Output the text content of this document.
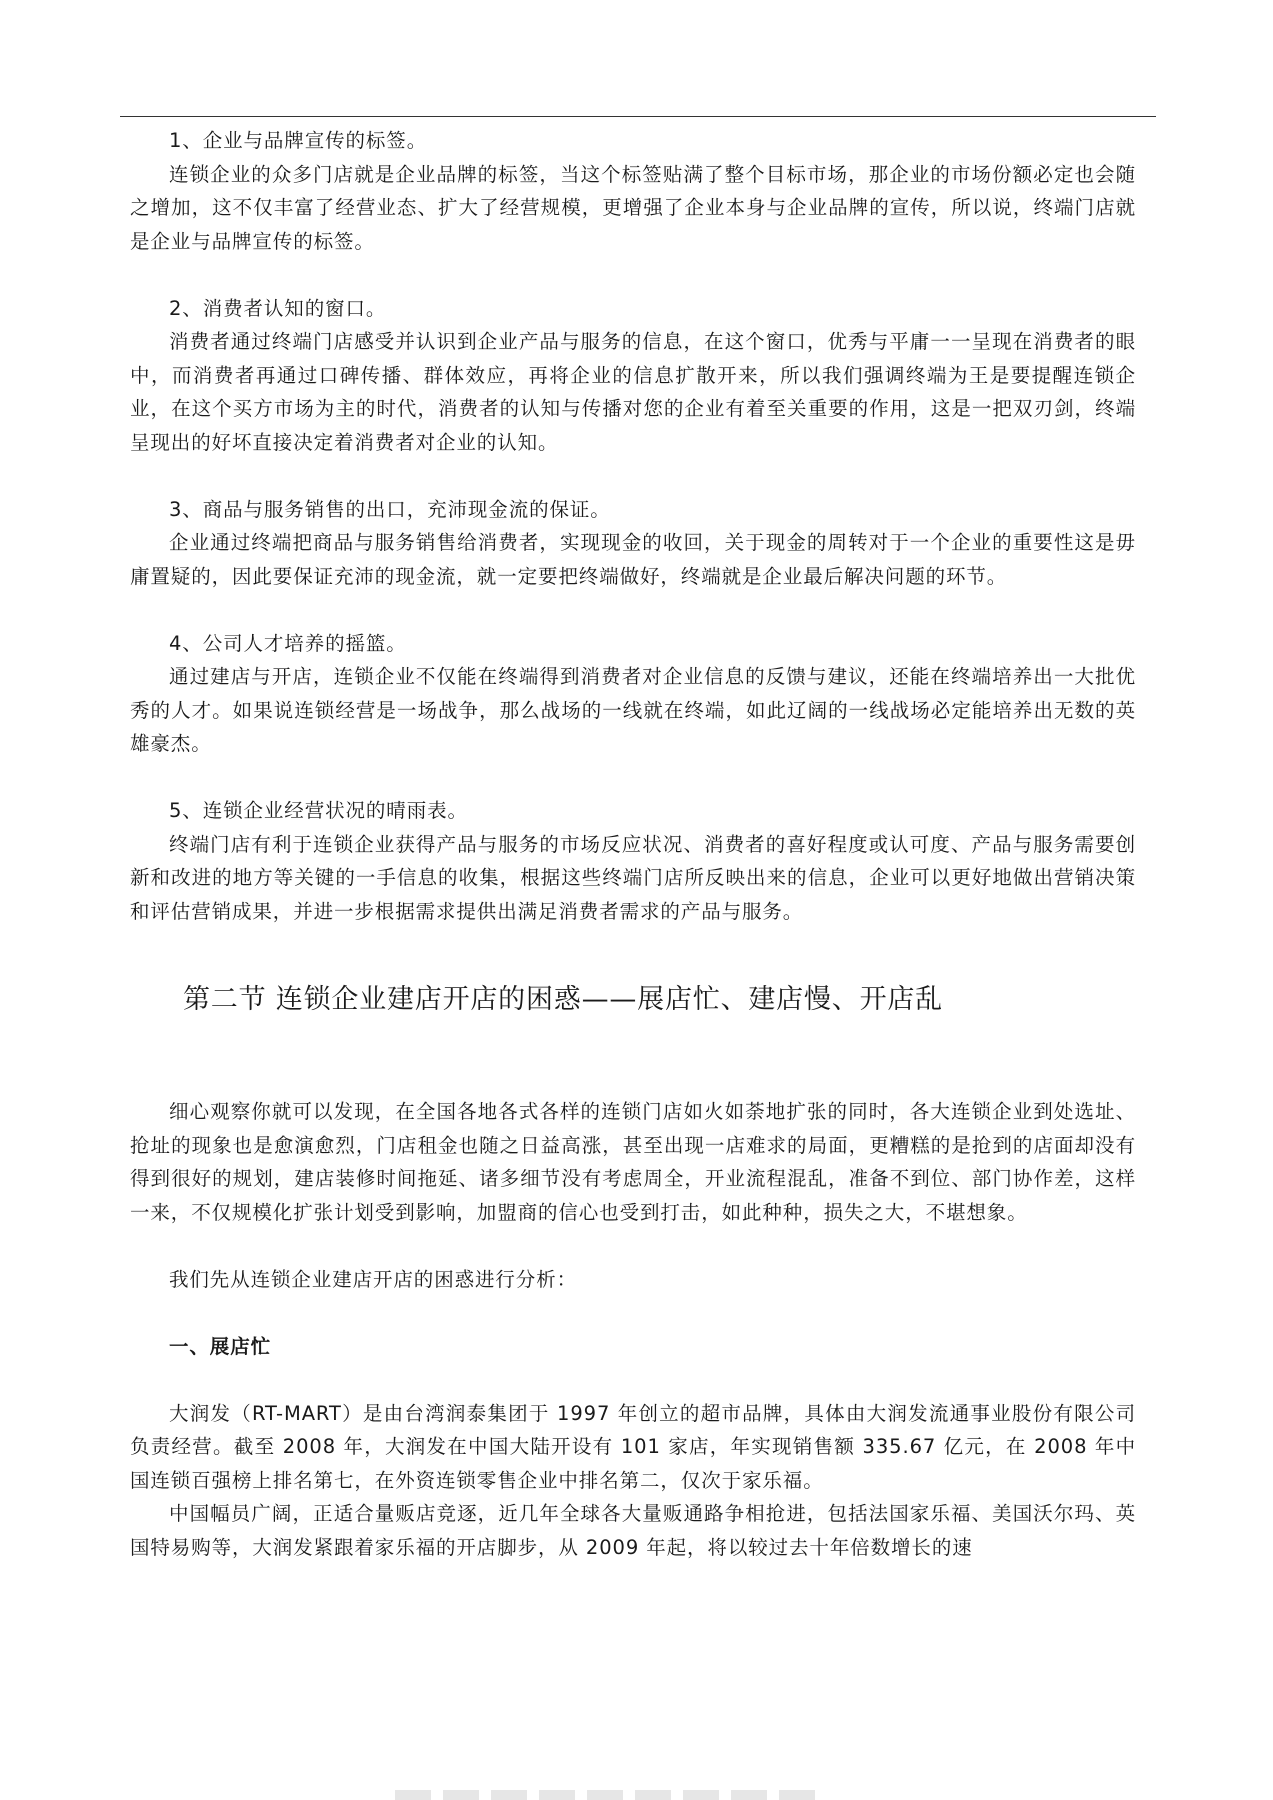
1、企业与品牌宣传的标签。

连锁企业的众多门店就是企业品牌的标签，当这个标签贴满了整个目标市场，那企业的市场份额必定也会随之增加，这不仅丰富了经营业态、扩大了经营规模，更增强了企业本身与企业品牌的宣传，所以说，终端门店就是企业与品牌宣传的标签。

2、消费者认知的窗口。

消费者通过终端门店感受并认识到企业产品与服务的信息，在这个窗口，优秀与平庸一一呈现在消费者的眼中，而消费者再通过口碑传播、群体效应，再将企业的信息扩散开来，所以我们强调终端为王是要提醒连锁企业，在这个买方市场为主的时代，消费者的认知与传播对您的企业有着至关重要的作用，这是一把双刃剑，终端呈现出的好坏直接决定着消费者对企业的认知。

3、商品与服务销售的出口，充沛现金流的保证。

企业通过终端把商品与服务销售给消费者，实现现金的收回，关于现金的周转对于一个企业的重要性这是毋庸置疑的，因此要保证充沛的现金流，就一定要把终端做好，终端就是企业最后解决问题的环节。

4、公司人才培养的摇篮。

通过建店与开店，连锁企业不仅能在终端得到消费者对企业信息的反馈与建议，还能在终端培养出一大批优秀的人才。如果说连锁经营是一场战争，那么战场的一线就在终端，如此辽阔的一线战场必定能培养出无数的英雄豪杰。

5、连锁企业经营状况的晴雨表。

终端门店有利于连锁企业获得产品与服务的市场反应状况、消费者的喜好程度或认可度、产品与服务需要创新和改进的地方等关键的一手信息的收集，根据这些终端门店所反映出来的信息，企业可以更好地做出营销决策和评估营销成果，并进一步根据需求提供出满足消费者需求的产品与服务。

第二节 连锁企业建店开店的困惑——展店忙、建店慢、开店乱

细心观察你就可以发现，在全国各地各式各样的连锁门店如火如荼地扩张的同时，各大连锁企业到处选址、抢址的现象也是愈演愈烈，门店租金也随之日益高涨，甚至出现一店难求的局面，更糟糕的是抢到的店面却没有得到很好的规划，建店装修时间拖延、诸多细节没有考虑周全，开业流程混乱，准备不到位、部门协作差，这样一来，不仅规模化扩张计划受到影响，加盟商的信心也受到打击，如此种种，损失之大，不堪想象。

我们先从连锁企业建店开店的困惑进行分析：

一、展店忙

大润发（RT-MART）是由台湾润泰集团于 1997 年创立的超市品牌，具体由大润发流通事业股份有限公司负责经营。截至 2008 年，大润发在中国大陆开设有 101 家店，年实现销售额 335.67 亿元，在 2008 年中国连锁百强榜上排名第七，在外资连锁零售企业中排名第二，仅次于家乐福。

中国幅员广阔，正适合量贩店竞逐，近几年全球各大量贩通路争相抢进，包括法国家乐福、美国沃尔玛、英国特易购等，大润发紧跟着家乐福的开店脚步，从 2009 年起，将以较过去十年倍数增长的速
